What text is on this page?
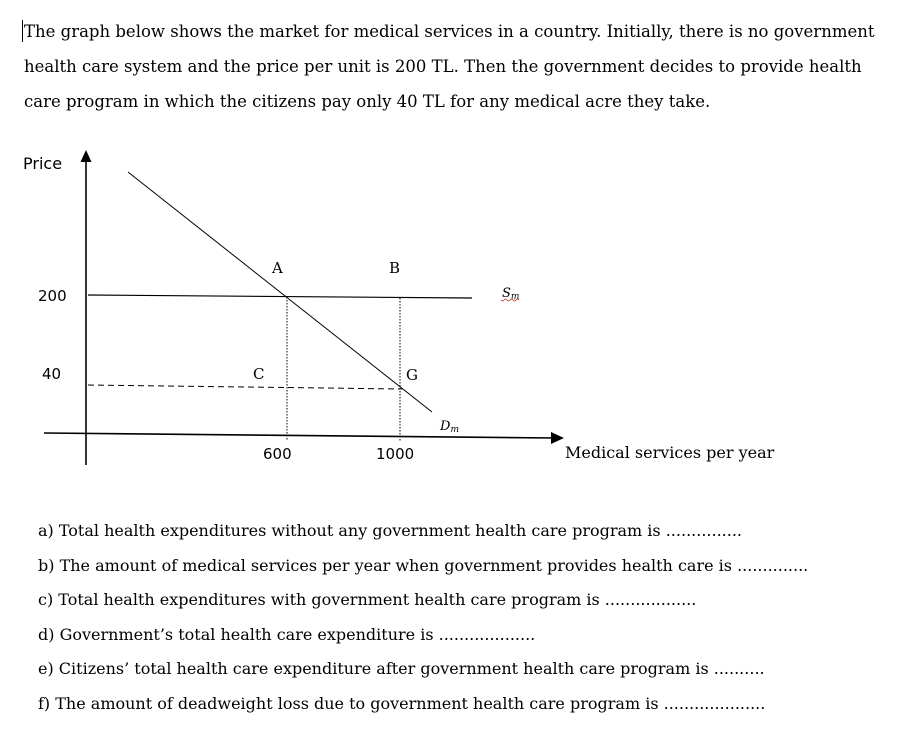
The graph below shows the market for medical services in a country. Initially, there is no government health care system and the price per unit is 200 TL. Then the government decides to provide health care program in which the citizens pay only 40 TL for any medical acre they take.

Price
Medical services per year
200
40
600	1000
A	B
C	G
Sm
Dm
a) Total health expenditures without any government health care program is ...............
b) The amount of medical services per year when government provides health care is ..............
c) Total health expenditures with government health care program is ..................
d) Government’s total health care expenditure is ...................
e) Citizens’ total health care expenditure after government health care program is ..........
f) The amount of deadweight loss due to government health care program is ....................
